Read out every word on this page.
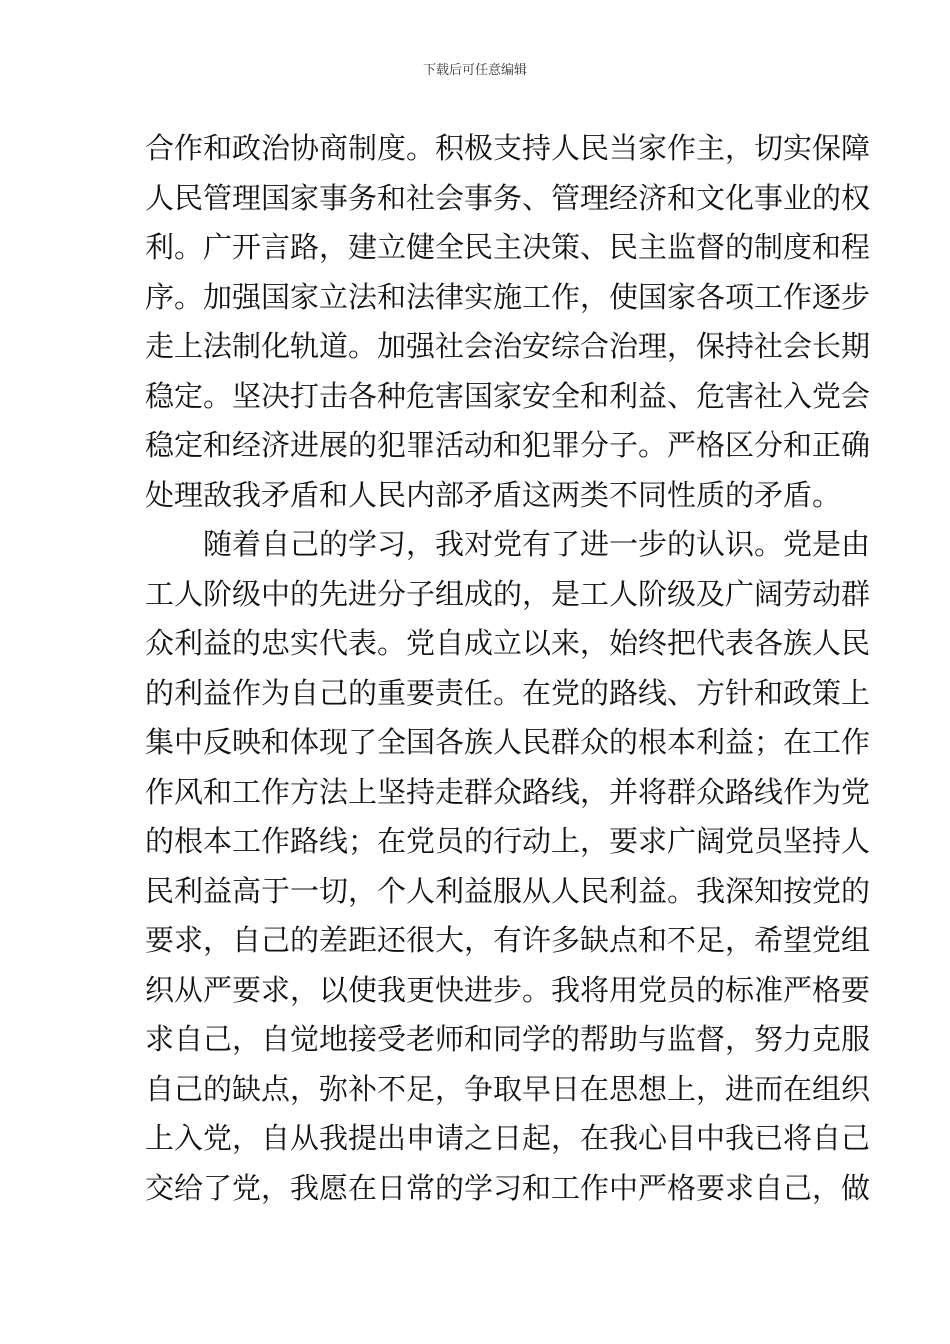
下载后可任意编辑
合作和政治协商制度。积极支持人民当家作主，切实保障
人民管理国家事务和社会事务、管理经济和文化事业的权
利。广开言路，建立健全民主决策、民主监督的制度和程
序。加强国家立法和法律实施工作，使国家各项工作逐步
走上法制化轨道。加强社会治安综合治理，保持社会长期
稳定。坚决打击各种危害国家安全和利益、危害社入党会
稳定和经济进展的犯罪活动和犯罪分子。严格区分和正确
处理敌我矛盾和人民内部矛盾这两类不同性质的矛盾。
　　随着自己的学习，我对党有了进一步的认识。党是由
工人阶级中的先进分子组成的，是工人阶级及广阔劳动群
众利益的忠实代表。党自成立以来，始终把代表各族人民
的利益作为自己的重要责任。在党的路线、方针和政策上
集中反映和体现了全国各族人民群众的根本利益；在工作
作风和工作方法上坚持走群众路线，并将群众路线作为党
的根本工作路线；在党员的行动上，要求广阔党员坚持人
民利益高于一切，个人利益服从人民利益。我深知按党的
要求，自己的差距还很大，有许多缺点和不足，希望党组
织从严要求，以使我更快进步。我将用党员的标准严格要
求自己，自觉地接受老师和同学的帮助与监督，努力克服
自己的缺点，弥补不足，争取早日在思想上，进而在组织
上入党，自从我提出申请之日起，在我心目中我已将自己
交给了党，我愿在日常的学习和工作中严格要求自己，做
